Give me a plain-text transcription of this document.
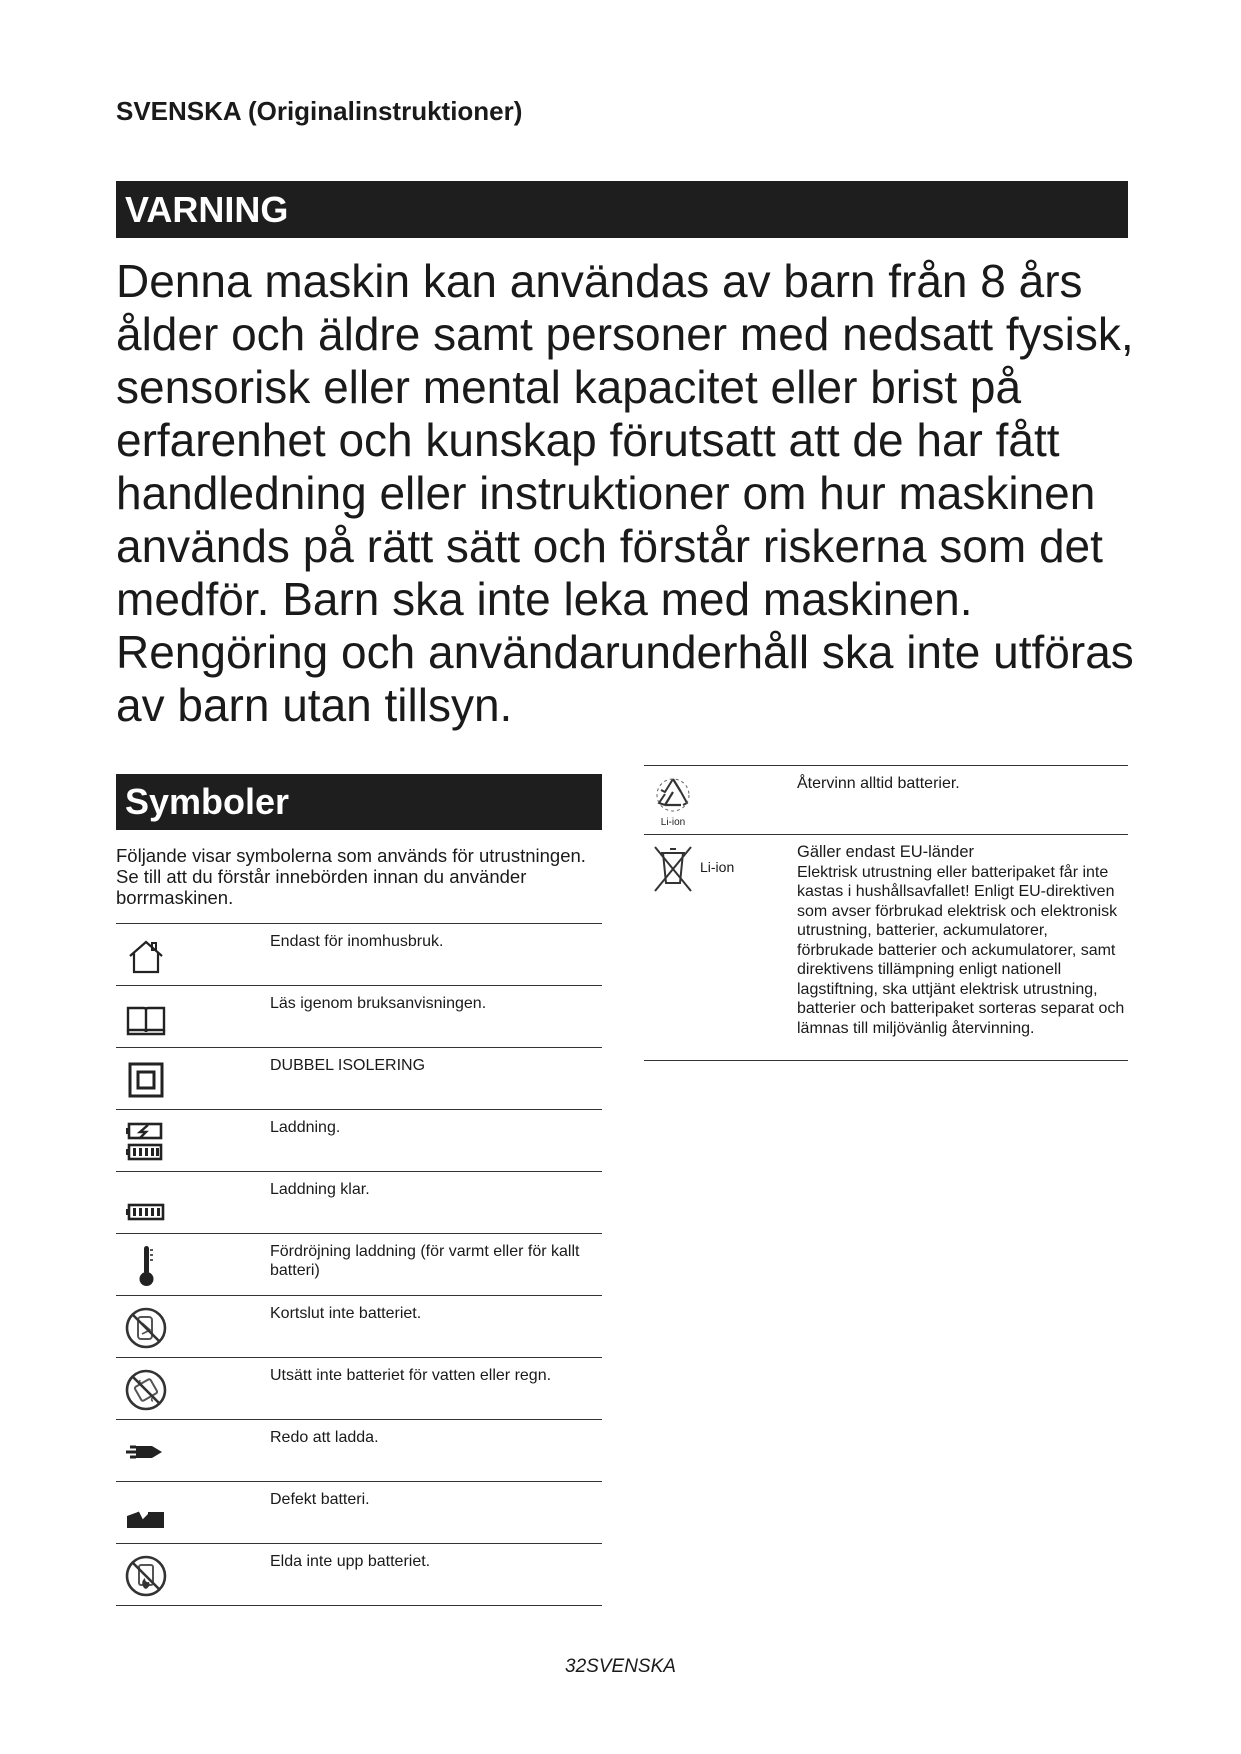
SVENSKA (Originalinstruktioner)
VARNING

Denna maskin kan användas av barn från 8 års ålder och äldre samt personer med nedsatt fysisk, sensorisk eller mental kapacitet eller brist på erfarenhet och kunskap förutsatt att de har fått handledning eller instruktioner om hur maskinen används på rätt sätt och förstår riskerna som det medför. Barn ska inte leka med maskinen. Rengöring och användarunderhåll ska inte utföras av barn utan tillsyn.

Symboler

Följande visar symbolerna som används för utrustningen. Se till att du förstår innebörden innan du använder borrmaskinen.

Endast för inomhusbruk.
Läs igenom bruksanvisningen.
DUBBEL ISOLERING
Laddning.
Laddning klar.
Fördröjning laddning (för varmt eller för kallt batteri)
Kortslut inte batteriet.
Utsätt inte batteriet för vatten eller regn.
Redo att ladda.
Defekt batteri.
Elda inte upp batteriet.
Li-ion
Återvinn alltid batterier.
Li-ion
Gäller endast EU-länder
Elektrisk utrustning eller batteripaket får inte kastas i hushållsavfallet! Enligt EU-direktiven som avser förbrukad elektrisk och elektronisk utrustning, batterier, ackumulatorer, förbrukade batterier och ackumulatorer, samt direktivens tillämpning enligt nationell lagstiftning, ska uttjänt elektrisk utrustning, batterier och batteripaket sorteras separat och lämnas till miljövänlig återvinning.
32SVENSKA
